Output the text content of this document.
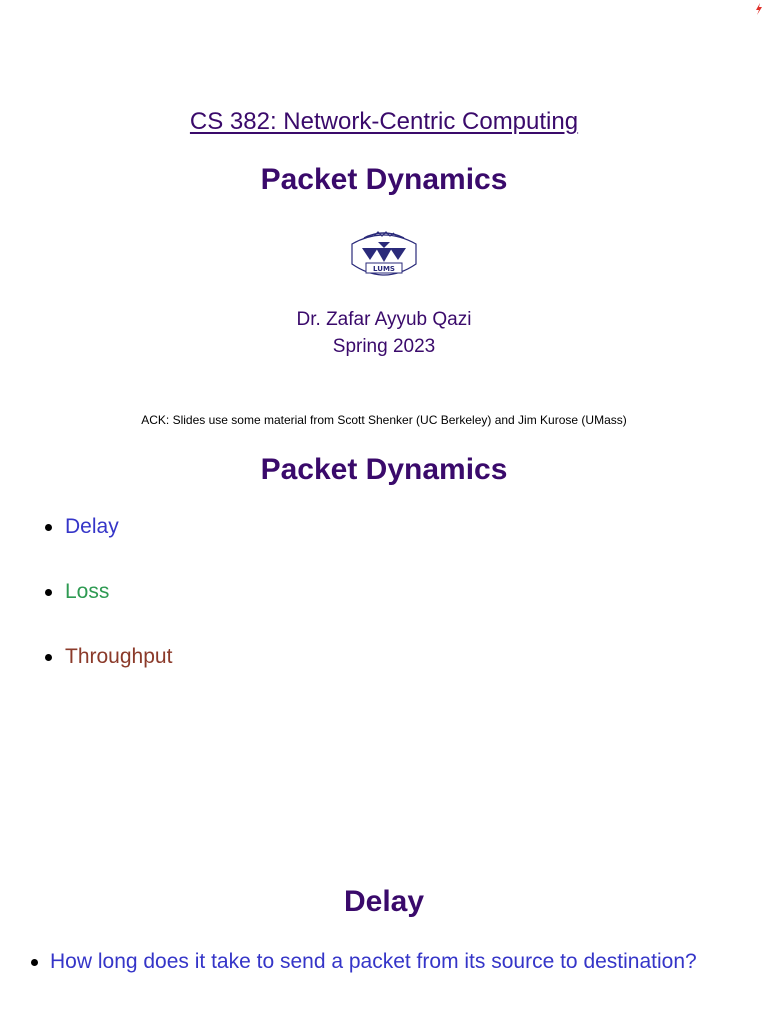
CS 382: Network-Centric Computing
Packet Dynamics
LUMS
Dr. Zafar Ayyub Qazi
Spring 2023
ACK: Slides use some material from Scott Shenker (UC Berkeley) and Jim Kurose (UMass)
Packet Dynamics
Delay
Loss
Throughput
Delay
How long does it take to send a packet from its source to destination?
